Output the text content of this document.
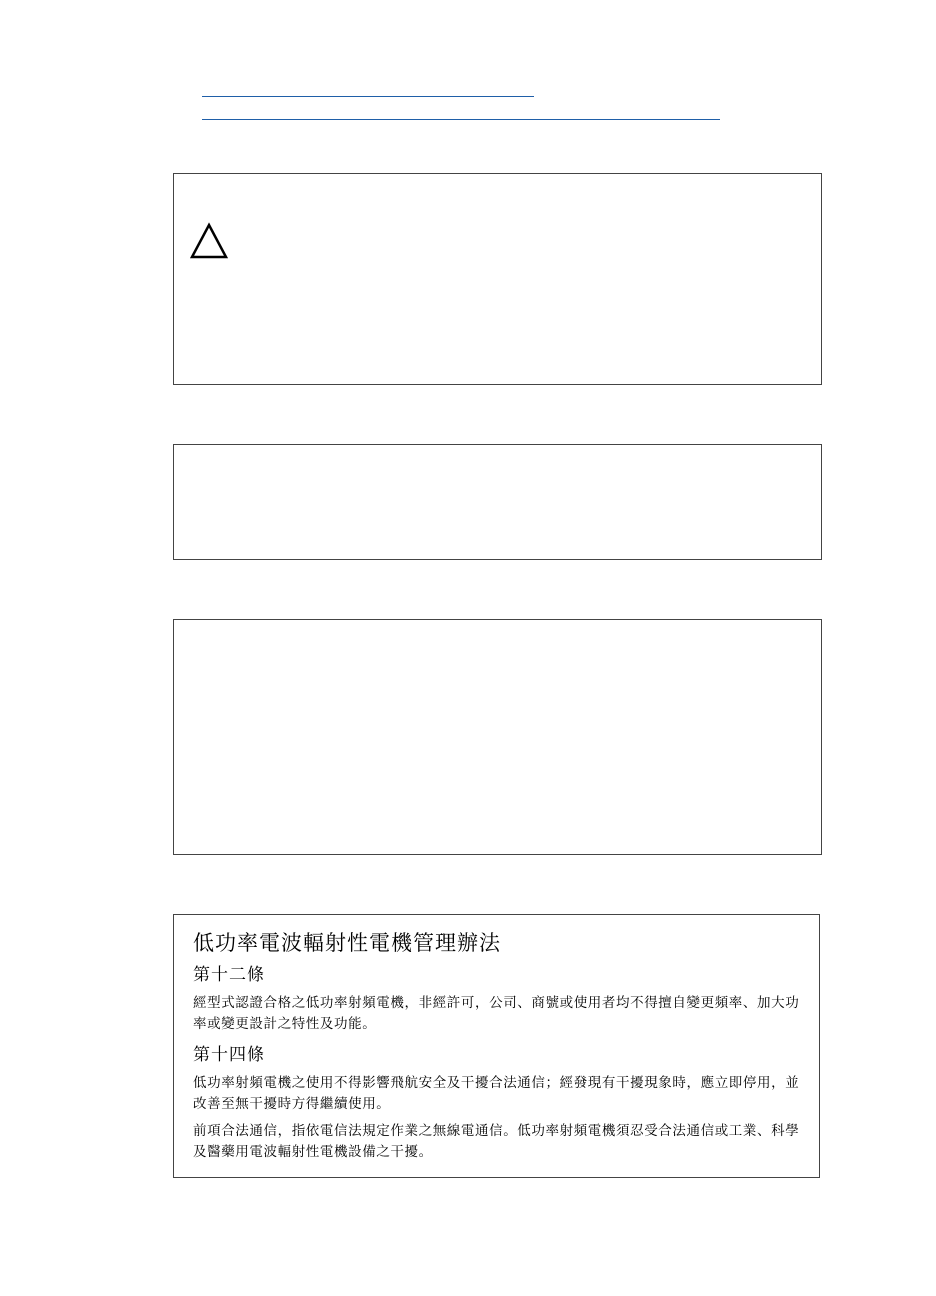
低功率電波輻射性電機管理辦法
第十二條

經型式認證合格之低功率射頻電機，非經許可，公司、商號或使用者均不得擅自變更頻率、加大功率或變更設計之特性及功能。

第十四條

低功率射頻電機之使用不得影響飛航安全及干擾合法通信；經發現有干擾現象時，應立即停用，並改善至無干擾時方得繼續使用。

前項合法通信，指依電信法規定作業之無線電通信。低功率射頻電機須忍受合法通信或工業、科學及醫藥用電波輻射性電機設備之干擾。
